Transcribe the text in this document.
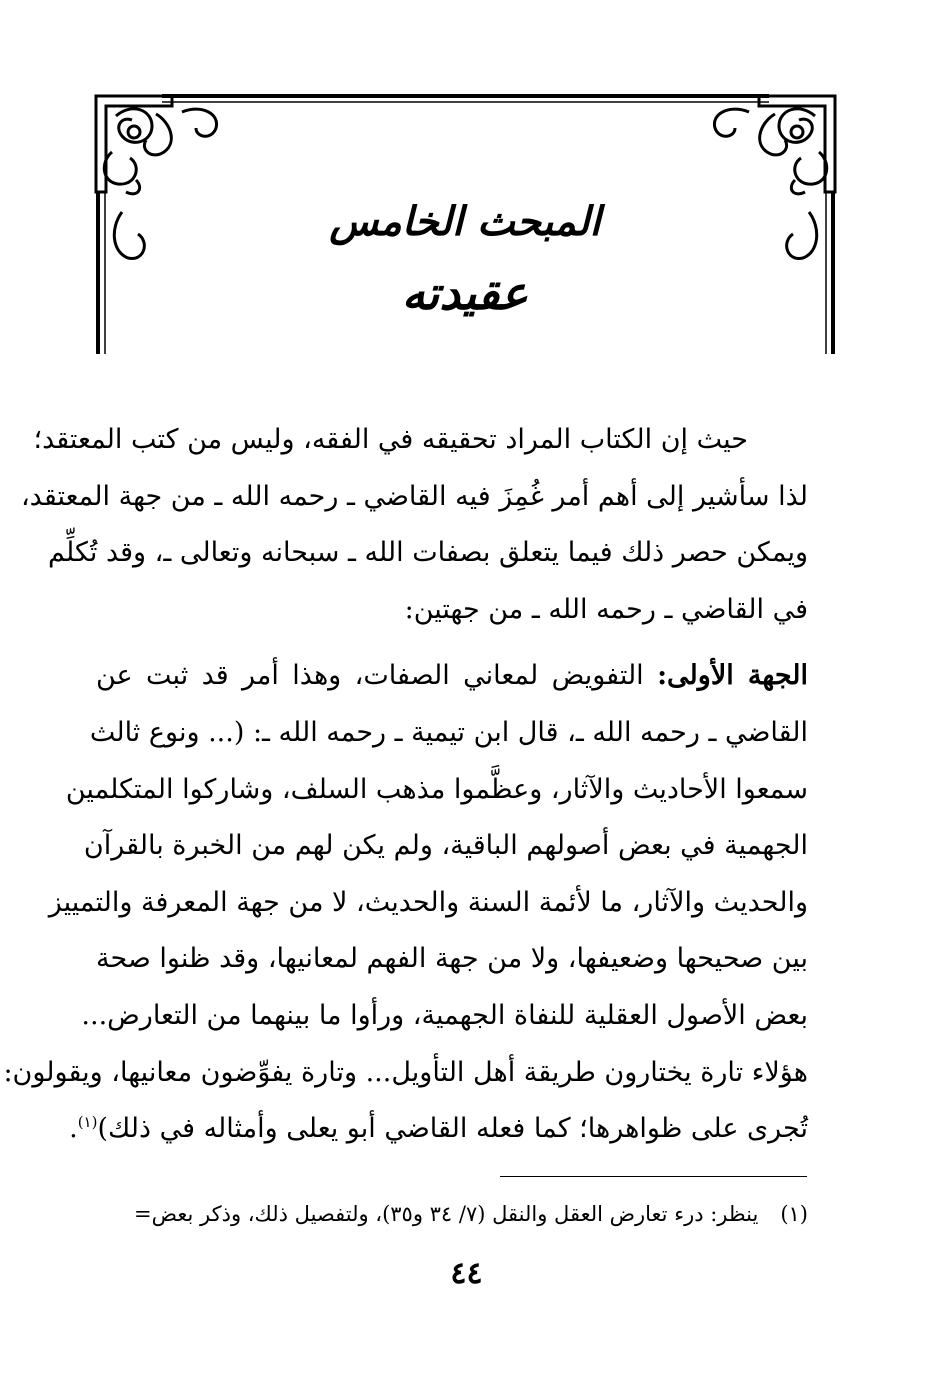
المبحث الخامس
عقيدته
حيث إن الكتاب المراد تحقيقه في الفقه، وليس من كتب المعتقد؛
لذا سأشير إلى أهم أمر غُمِزَ فيه القاضي ـ رحمه الله ـ من جهة المعتقد،
ويمكن حصر ذلك فيما يتعلق بصفات الله ـ سبحانه وتعالى ـ، وقد تُكلِّم
في القاضي ـ رحمه الله ـ من جهتين:
الجهة الأولى: التفويض لمعاني الصفات، وهذا أمر قد ثبت عن
القاضي ـ رحمه الله ـ، قال ابن تيمية ـ رحمه الله ـ: (... ونوع ثالث
سمعوا الأحاديث والآثار، وعظَّموا مذهب السلف، وشاركوا المتكلمين
الجهمية في بعض أصولهم الباقية، ولم يكن لهم من الخبرة بالقرآن
والحديث والآثار، ما لأئمة السنة والحديث، لا من جهة المعرفة والتمييز
بين صحيحها وضعيفها، ولا من جهة الفهم لمعانيها، وقد ظنوا صحة
بعض الأصول العقلية للنفاة الجهمية، ورأوا ما بينهما من التعارض...
هؤلاء تارة يختارون طريقة أهل التأويل... وتارة يفوِّضون معانيها، ويقولون:
تُجرى على ظواهرها؛ كما فعله القاضي أبو يعلى وأمثاله في ذلك)$^{(١)}$.
(١)ينظر: درء تعارض العقل والنقل (٧/ ٣٤ و٣٥)، ولتفصيل ذلك، وذكر بعض=
٤٤
